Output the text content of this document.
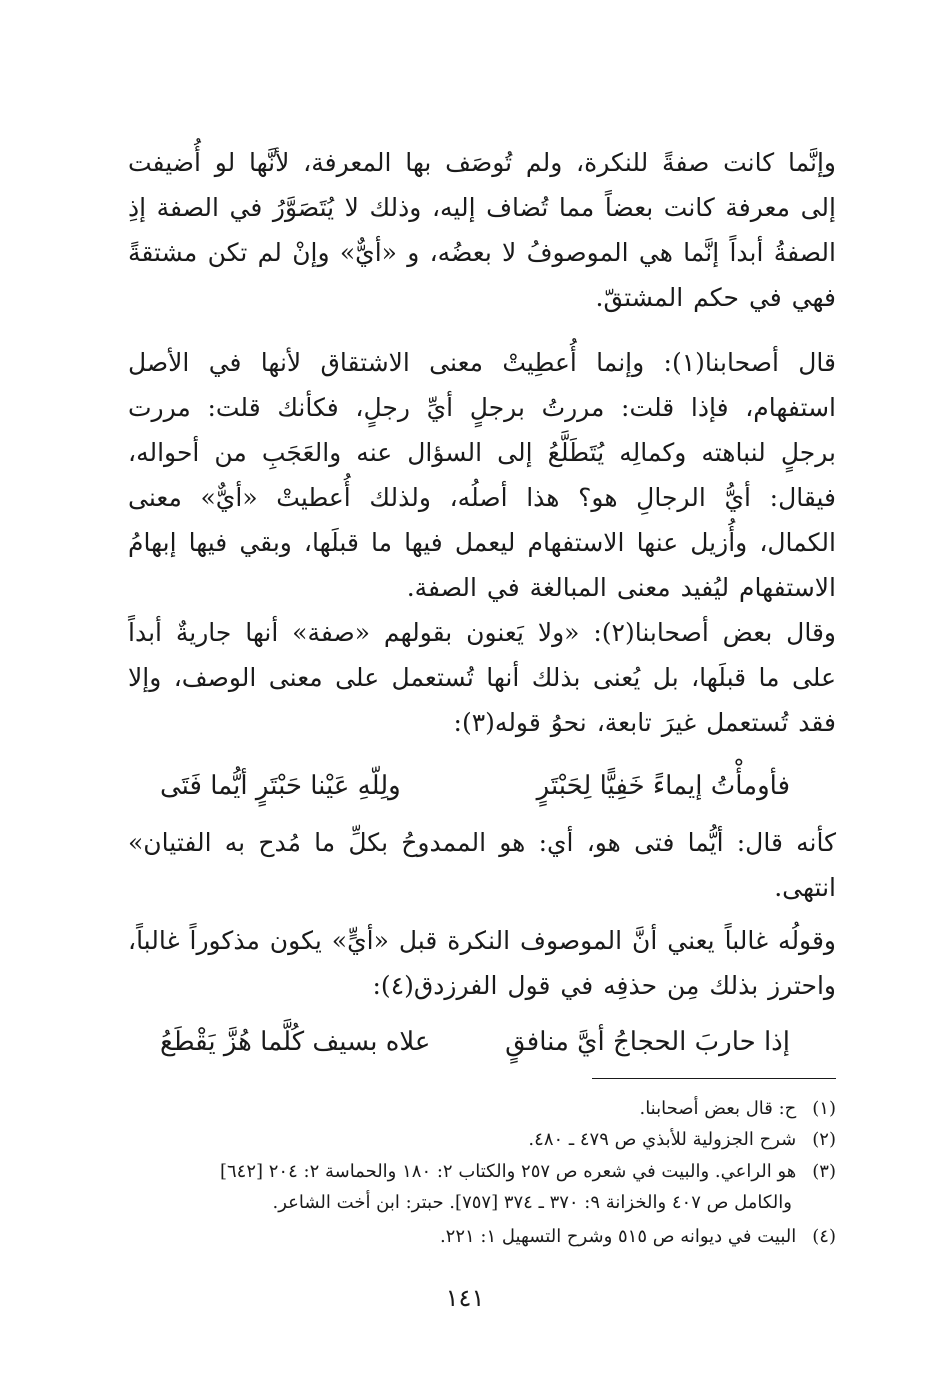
وإنَّما كانت صفةً للنكرة، ولم تُوصَف بها المعرفة، لأنَّها لو أُضيفت إلى معرفة كانت بعضاً مما تُضاف إليه، وذلك لا يُتَصَوَّرُ في الصفة إذِ الصفةُ أبداً إنَّما هي الموصوفُ لا بعضُه، و «أيٌّ» وإنْ لم تكن مشتقةً فهي في حكم المشتقّ.

قال أصحابنا(١): وإنما أُعطِيتْ معنى الاشتقاق لأنها في الأصل استفهام، فإذا قلت: مررتُ برجلٍ أيِّ رجلٍ، فكأنك قلت: مررت برجلٍ لنباهته وكمالِه يُتَطَلَّعُ إلى السؤال عنه والعَجَبِ من أحواله، فيقال: أيُّ الرجالِ هو؟ هذا أصلُه، ولذلك أُعطيتْ «أيٌّ» معنى الكمال، وأُزيل عنها الاستفهام ليعمل فيها ما قبلَها، وبقي فيها إبهامُ الاستفهام ليُفيد معنى المبالغة في الصفة.

وقال بعض أصحابنا(٢): «ولا يَعنون بقولهم «صفة» أنها جاريةٌ أبداً على ما قبلَها، بل يُعنى بذلك أنها تُستعمل على معنى الوصف، وإلا فقد تُستعمل غيرَ تابعة، نحوُ قوله(٣):

فأومأْتُ إيماءً خَفِيًّا لِحَبْتَرٍ
ولِلّهِ عَيْنا حَبْتَرٍ أيُّما فَتَى

كأنه قال: أيُّما فتى هو، أي: هو الممدوحُ بكلِّ ما مُدح به الفتيان» انتهى.

وقولُه غالباً يعني أنَّ الموصوف النكرة قبل «أيٍّ» يكون مذكوراً غالباً، واحترز بذلك مِن حذفِه في قول الفرزدق(٤):

إذا حاربَ الحجاجُ أيَّ منافقٍ
علاه بسيف كُلَّما هُزَّ يَقْطَعُ
(١) ح: قال بعض أصحابنا.
(٢) شرح الجزولية للأبذي ص ٤٧٩ ـ ٤٨٠.
(٣) هو الراعي. والبيت في شعره ص ٢٥٧ والكتاب ٢: ١٨٠ والحماسة ٢: ٢٠٤ [٦٤٢]
والكامل ص ٤٠٧ والخزانة ٩: ٣٧٠ ـ ٣٧٤ [٧٥٧]. حبتر: ابن أخت الشاعر.
(٤) البيت في ديوانه ص ٥١٥ وشرح التسهيل ١: ٢٢١.
١٤١
